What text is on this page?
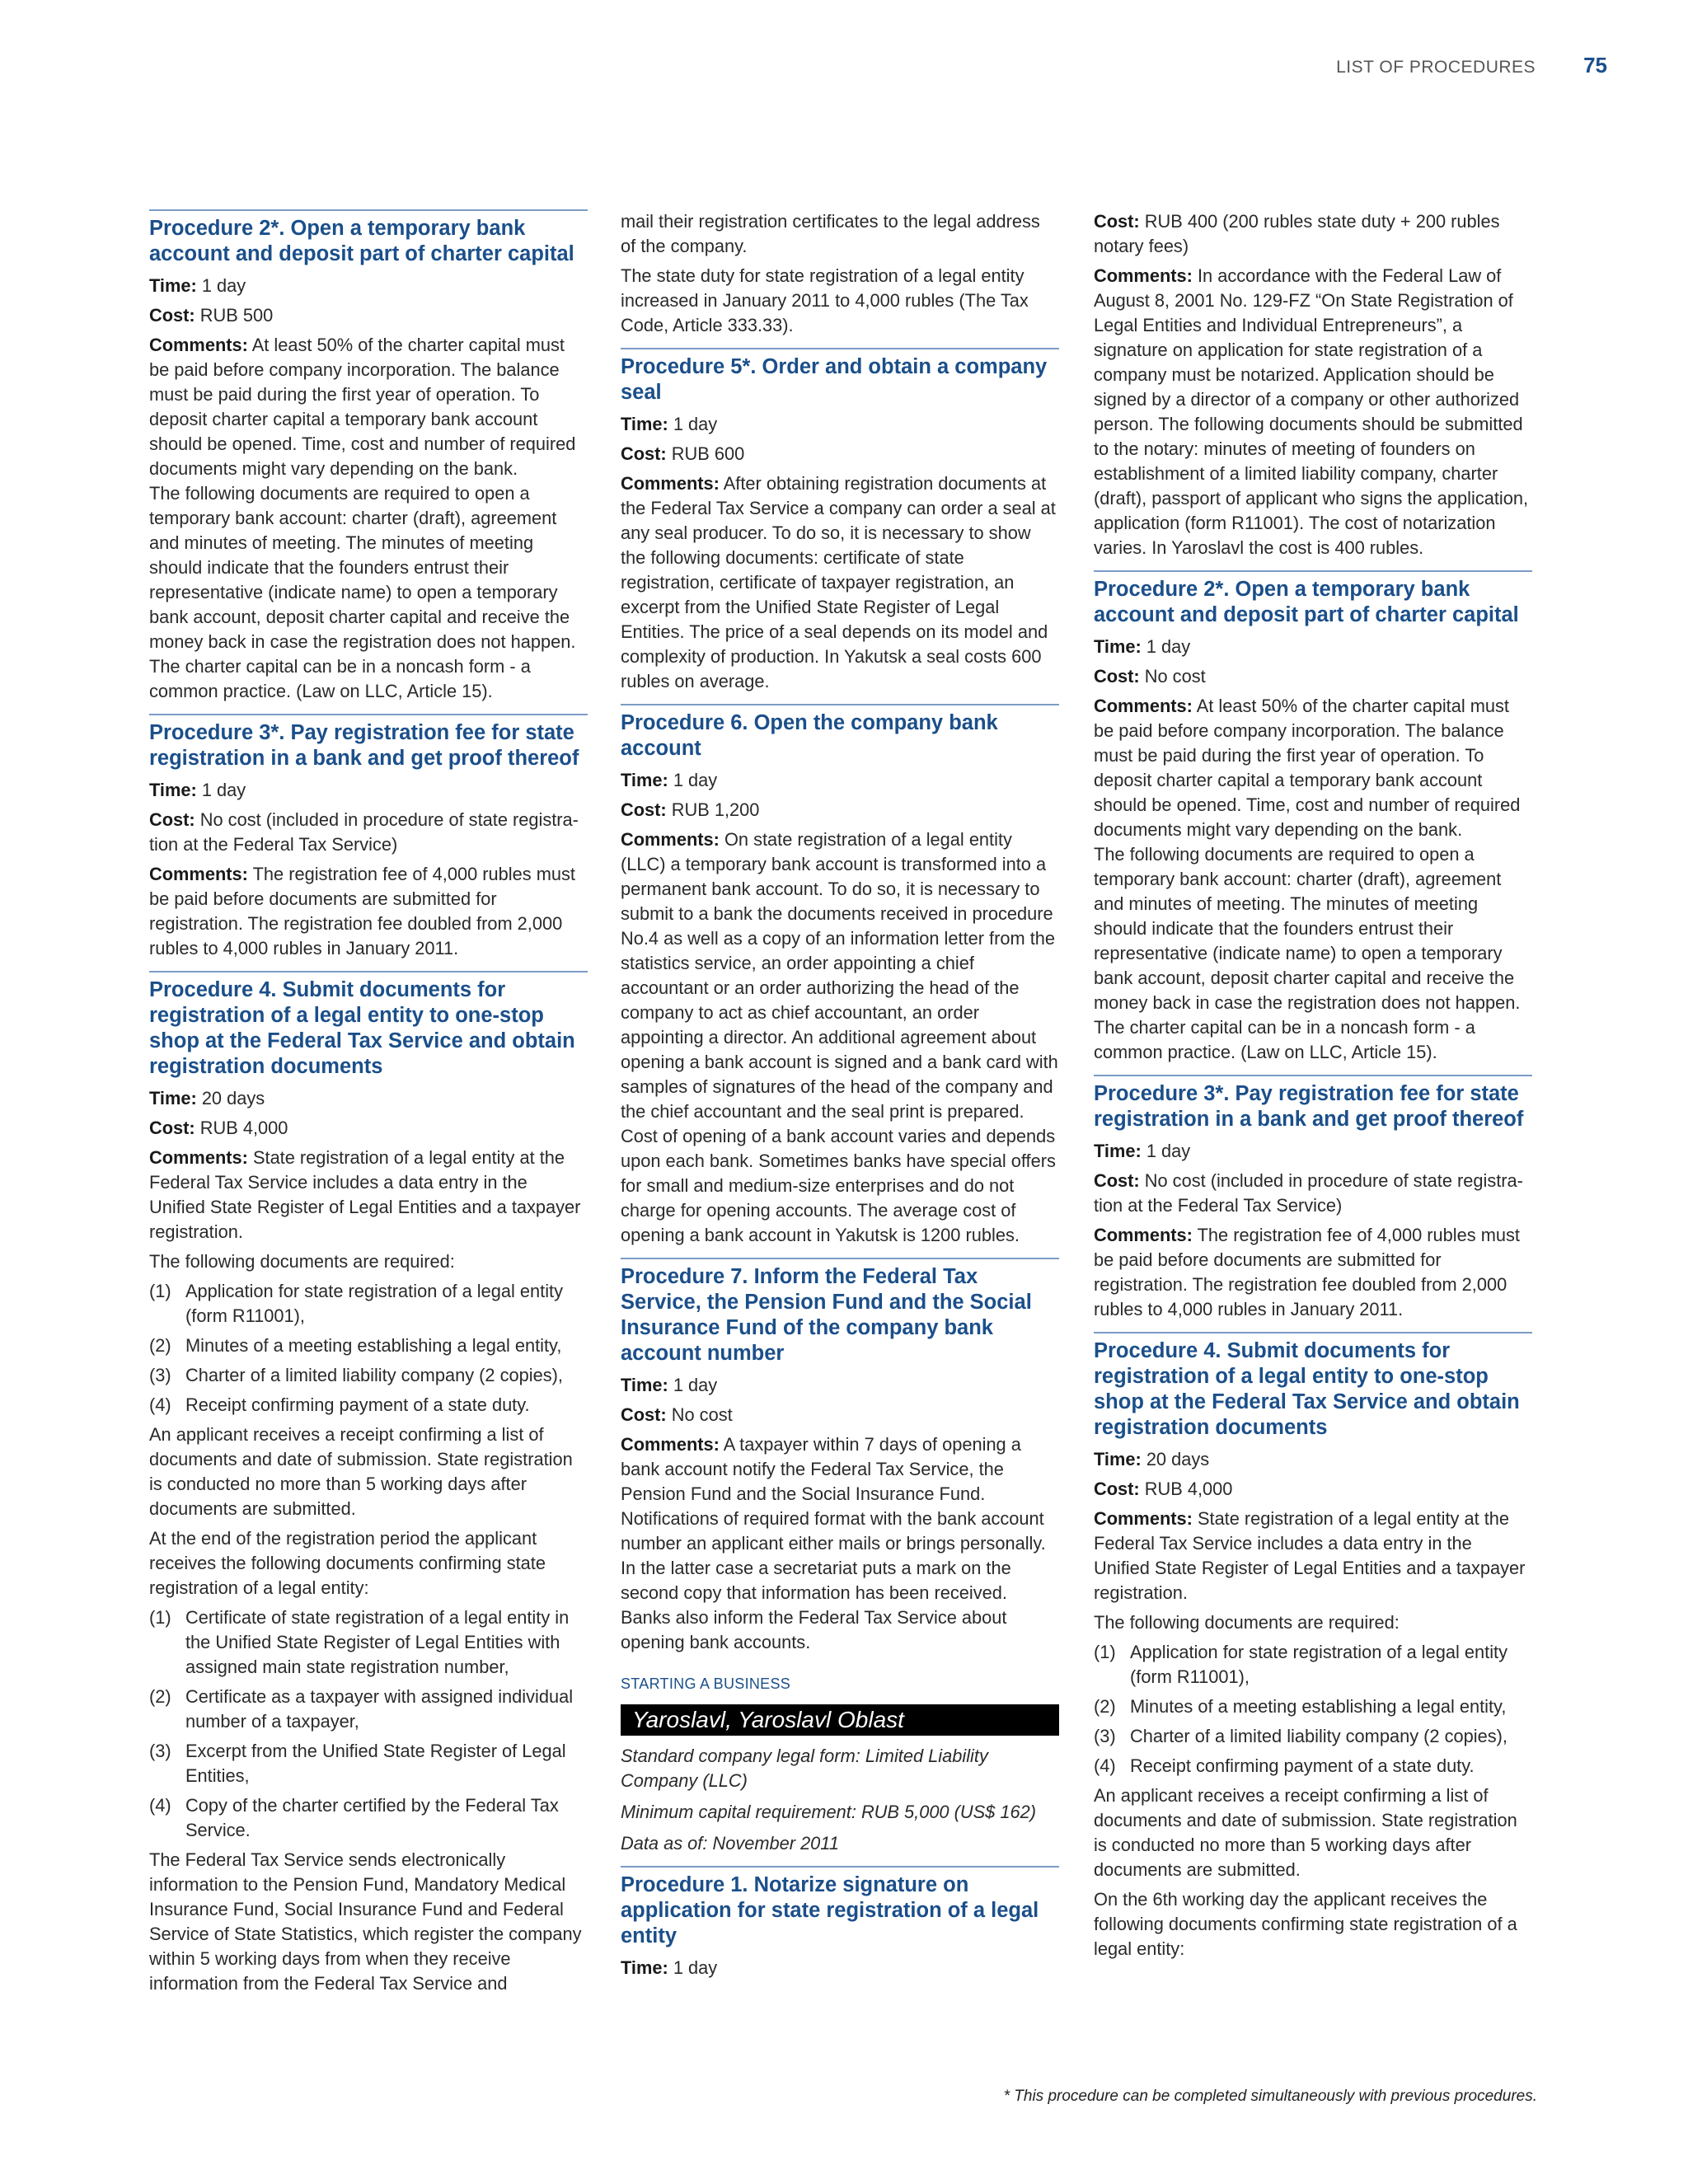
LIST OF PROCEDURES 75
Procedure 2*. Open a temporary bank account and deposit part of charter capital

Time: 1 day

Cost: RUB 500

Comments: At least 50% of the charter capital must be paid before company incorporation. The balance must be paid during the first year of operation. To deposit charter capital a temporary bank account should be opened. Time, cost and number of required documents might vary depending on the bank.
The following documents are required to open a temporary bank account: charter (draft), agreement and minutes of meeting. The minutes of meeting should indicate that the founders entrust their representative (indicate name) to open a temporary bank account, deposit charter capital and receive the money back in case the registration does not happen. The charter capital can be in a noncash form - a common practice. (Law on LLC, Article 15).

Procedure 3*. Pay registration fee for state registration in a bank and get proof thereof

Time: 1 day

Cost: No cost (included in procedure of state registra-tion at the Federal Tax Service)

Comments: The registration fee of 4,000 rubles must be paid before documents are submitted for registration. The registration fee doubled from 2,000 rubles to 4,000 rubles in January 2011.

Procedure 4. Submit documents for registration of a legal entity to one-stop shop at the Federal Tax Service and obtain registration documents

Time: 20 days

Cost: RUB 4,000

Comments: State registration of a legal entity at the Federal Tax Service includes a data entry in the Unified State Register of Legal Entities and a taxpayer registration.

The following documents are required:

(1) Application for state registration of a legal entity (form R11001),
(2) Minutes of a meeting establishing a legal entity,
(3) Charter of a limited liability company (2 copies),
(4) Receipt confirming payment of a state duty.

An applicant receives a receipt confirming a list of documents and date of submission. State registration is conducted no more than 5 working days after documents are submitted.

At the end of the registration period the applicant receives the following documents confirming state registration of a legal entity:

(1) Certificate of state registration of a legal entity in the Unified State Register of Legal Entities with assigned main state registration number,
(2) Certificate as a taxpayer with assigned individual number of a taxpayer,
(3) Excerpt from the Unified State Register of Legal Entities,
(4) Copy of the charter certified by the Federal Tax Service.

The Federal Tax Service sends electronically information to the Pension Fund, Mandatory Medical Insurance Fund, Social Insurance Fund and Federal Service of State Statistics, which register the company within 5 working days from when they receive information from the Federal Tax Service and

mail their registration certificates to the legal address of the company.

The state duty for state registration of a legal entity increased in January 2011 to 4,000 rubles (The Tax Code, Article 333.33).

Procedure 5*. Order and obtain a company seal

Time: 1 day

Cost: RUB 600

Comments: After obtaining registration documents at the Federal Tax Service a company can order a seal at any seal producer. To do so, it is necessary to show the following documents: certificate of state registration, certificate of taxpayer registration, an excerpt from the Unified State Register of Legal Entities. The price of a seal depends on its model and complexity of production. In Yakutsk a seal costs 600 rubles on average.

Procedure 6. Open the company bank account

Time: 1 day

Cost: RUB 1,200

Comments: On state registration of a legal entity (LLC) a temporary bank account is transformed into a permanent bank account. To do so, it is necessary to submit to a bank the documents received in procedure No.4 as well as a copy of an information letter from the statistics service, an order appointing a chief accountant or an order authorizing the head of the company to act as chief accountant, an order appointing a director. An additional agreement about opening a bank account is signed and a bank card with samples of signatures of the head of the company and the chief accountant and the seal print is prepared. Cost of opening of a bank account varies and depends upon each bank. Sometimes banks have special offers for small and medium-size enterprises and do not charge for opening accounts. The average cost of opening a bank account in Yakutsk is 1200 rubles.

Procedure 7. Inform the Federal Tax Service, the Pension Fund and the Social Insurance Fund of the company bank account number

Time: 1 day

Cost: No cost

Comments: A taxpayer within 7 days of opening a bank account notify the Federal Tax Service, the Pension Fund and the Social Insurance Fund. Notifications of required format with the bank account number an applicant either mails or brings personally. In the latter case a secretariat puts a mark on the second copy that information has been received. Banks also inform the Federal Tax Service about opening bank accounts.

STARTING A BUSINESS
Yaroslavl, Yaroslavl Oblast

Standard company legal form: Limited Liability Company (LLC)

Minimum capital requirement: RUB 5,000 (US$ 162)

Data as of: November 2011

Procedure 1. Notarize signature on application for state registration of a legal entity

Time: 1 day

Cost: RUB 400 (200 rubles state duty + 200 rubles notary fees)

Comments: In accordance with the Federal Law of August 8, 2001 No. 129-FZ “On State Registration of Legal Entities and Individual Entrepreneurs”, a signature on application for state registration of a company must be notarized. Application should be signed by a director of a company or other authorized person. The following documents should be submitted to the notary: minutes of meeting of founders on establishment of a limited liability company, charter (draft), passport of applicant who signs the application, application (form R11001). The cost of notarization varies. In Yaroslavl the cost is 400 rubles.

Procedure 2*. Open a temporary bank account and deposit part of charter capital

Time: 1 day

Cost: No cost

Comments: At least 50% of the charter capital must be paid before company incorporation. The balance must be paid during the first year of operation. To deposit charter capital a temporary bank account should be opened. Time, cost and number of required documents might vary depending on the bank.
The following documents are required to open a temporary bank account: charter (draft), agreement and minutes of meeting. The minutes of meeting should indicate that the founders entrust their representative (indicate name) to open a temporary bank account, deposit charter capital and receive the money back in case the registration does not happen. The charter capital can be in a noncash form - a common practice. (Law on LLC, Article 15).

Procedure 3*. Pay registration fee for state registration in a bank and get proof thereof

Time: 1 day

Cost: No cost (included in procedure of state registra-tion at the Federal Tax Service)

Comments: The registration fee of 4,000 rubles must be paid before documents are submitted for registration. The registration fee doubled from 2,000 rubles to 4,000 rubles in January 2011.

Procedure 4. Submit documents for registration of a legal entity to one-stop shop at the Federal Tax Service and obtain registration documents

Time: 20 days

Cost: RUB 4,000

Comments: State registration of a legal entity at the Federal Tax Service includes a data entry in the Unified State Register of Legal Entities and a taxpayer registration.

The following documents are required:

(1) Application for state registration of a legal entity (form R11001),
(2) Minutes of a meeting establishing a legal entity,
(3) Charter of a limited liability company (2 copies),
(4) Receipt confirming payment of a state duty.

An applicant receives a receipt confirming a list of documents and date of submission. State registration is conducted no more than 5 working days after documents are submitted.

On the 6th working day the applicant receives the following documents confirming state registration of a legal entity:

* This procedure can be completed simultaneously with previous procedures.
